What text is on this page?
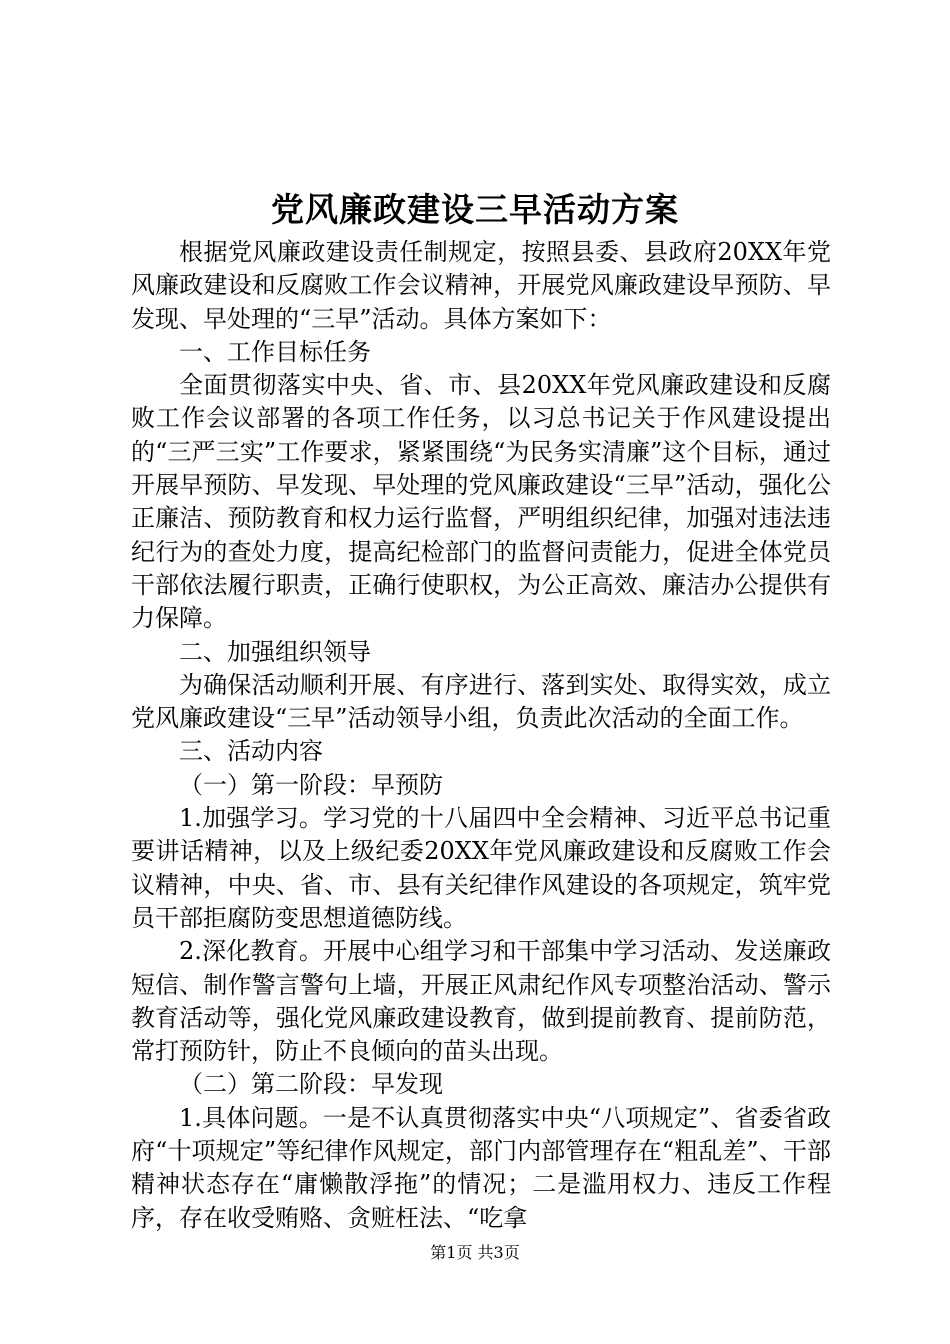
党风廉政建设三早活动方案

根据党风廉政建设责任制规定，按照县委、县政府20XX年党风廉政建设和反腐败工作会议精神，开展党风廉政建设早预防、早发现、早处理的“三早”活动。具体方案如下：

一、工作目标任务

全面贯彻落实中央、省、市、县20XX年党风廉政建设和反腐败工作会议部署的各项工作任务，以习总书记关于作风建设提出的“三严三实”工作要求，紧紧围绕“为民务实清廉”这个目标，通过开展早预防、早发现、早处理的党风廉政建设“三早”活动，强化公正廉洁、预防教育和权力运行监督，严明组织纪律，加强对违法违纪行为的查处力度，提高纪检部门的监督问责能力，促进全体党员干部依法履行职责，正确行使职权，为公正高效、廉洁办公提供有力保障。

二、加强组织领导

为确保活动顺利开展、有序进行、落到实处、取得实效，成立党风廉政建设“三早”活动领导小组，负责此次活动的全面工作。

三、活动内容

（一）第一阶段：早预防

1.加强学习。学习党的十八届四中全会精神、习近平总书记重要讲话精神，以及上级纪委20XX年党风廉政建设和反腐败工作会议精神，中央、省、市、县有关纪律作风建设的各项规定，筑牢党员干部拒腐防变思想道德防线。

2.深化教育。开展中心组学习和干部集中学习活动、发送廉政短信、制作警言警句上墙，开展正风肃纪作风专项整治活动、警示教育活动等，强化党风廉政建设教育，做到提前教育、提前防范，常打预防针，防止不良倾向的苗头出现。

（二）第二阶段：早发现

1.具体问题。一是不认真贯彻落实中央“八项规定”、省委省政府“十项规定”等纪律作风规定，部门内部管理存在“粗乱差”、干部精神状态存在“庸懒散浮拖”的情况；二是滥用权力、违反工作程序，存在收受贿赂、贪赃枉法、“吃拿

第1页 共3页
